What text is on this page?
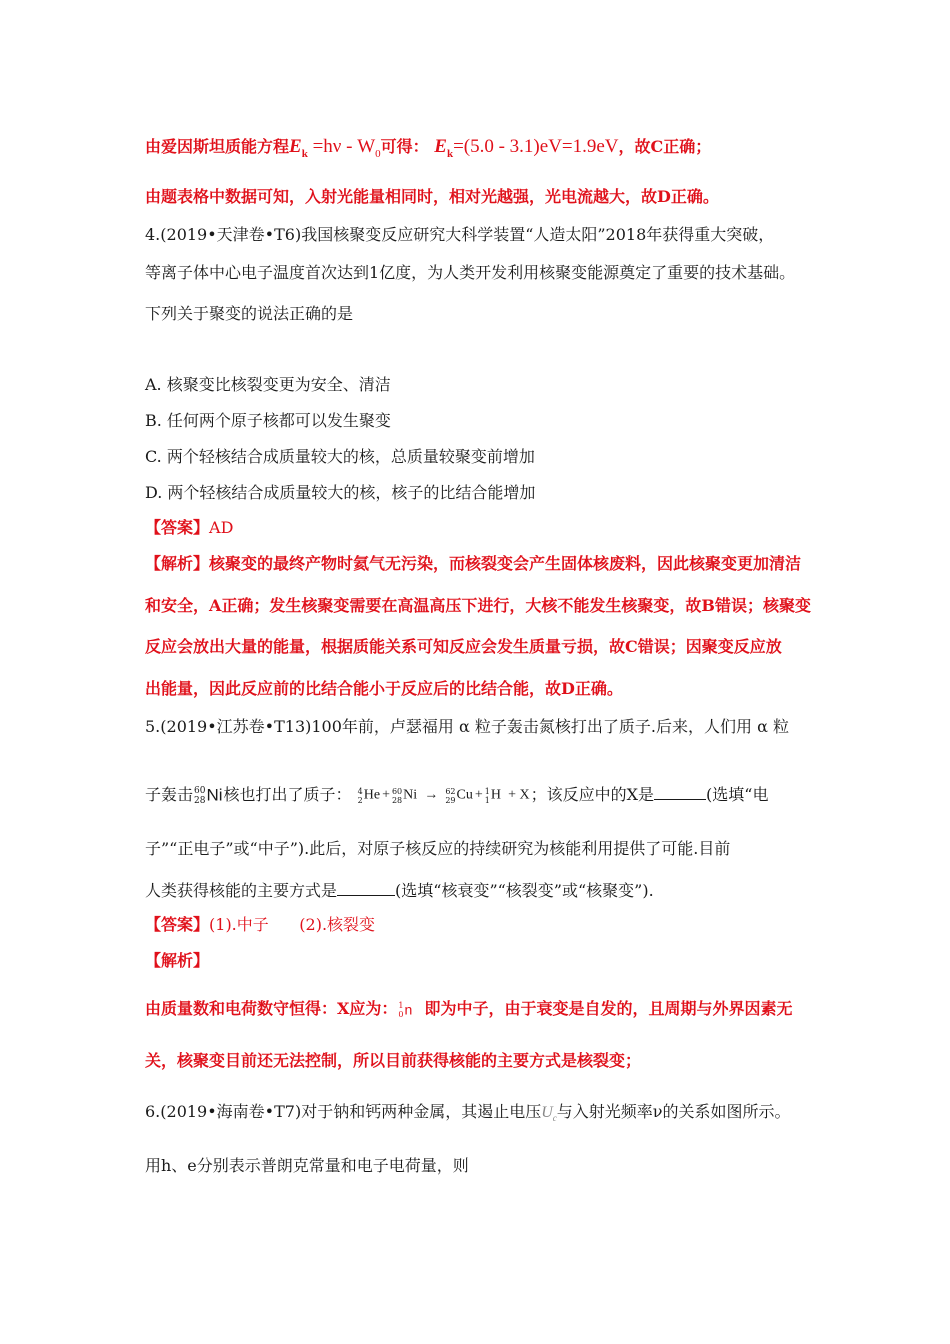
由爱因斯坦质能方程$E_k =h\nu - W_0$可得： $E_k=(5.0 - 3.1)eV=1.9eV$，故C正确；
由题表格中数据可知，入射光能量相同时，相对光越强，光电流越大，故D正确。
4.(2019•天津卷•T6)我国核聚变反应研究大科学装置“人造太阳”2018年获得重大突破，
等离子体中心电子温度首次达到1亿度，为人类开发利用核聚变能源奠定了重要的技术基础。
下列关于聚变的说法正确的是
A. 核聚变比核裂变更为安全、清洁
B. 任何两个原子核都可以发生聚变
C. 两个轻核结合成质量较大的核，总质量较聚变前增加
D. 两个轻核结合成质量较大的核，核子的比结合能增加
【答案】AD
【解析】核聚变的最终产物时氦气无污染，而核裂变会产生固体核废料，因此核聚变更加清洁
和安全，A正确；发生核聚变需要在高温高压下进行，大核不能发生核聚变，故B错误；核聚变
反应会放出大量的能量，根据质能关系可知反应会发生质量亏损，故C错误；因聚变反应放
出能量，因此反应前的比结合能小于反应后的比结合能，故D正确。
5.(2019•江苏卷•T13)100年前，卢瑟福用 α 粒子轰击氮核打出了质子.后来，人们用 α 粒
子轰击 60
28 Ni核也打出了质子： 4
2 He + 60
28 Ni → 62
29 Cu + 1
1 H + X；该反应中的X是	(选填“电
子”“正电子”或“中子”).此后，对原子核反应的持续研究为核能利用提供了可能.目前
人类获得核能的主要方式是	(选填“核衰变”“核裂变”或“核聚变”).
【答案】(1).中子      (2).核裂变
【解析】
由质量数和电荷数守恒得：X应为： 1
0 n 即为中子，由于衰变是自发的，且周期与外界因素无
关，核聚变目前还无法控制，所以目前获得核能的主要方式是核裂变；
6.(2019•海南卷•T7)对于钠和钙两种金属，其遏止电压$U_c$与入射光频率ν的关系如图所示。
用h、e分别表示普朗克常量和电子电荷量，则
